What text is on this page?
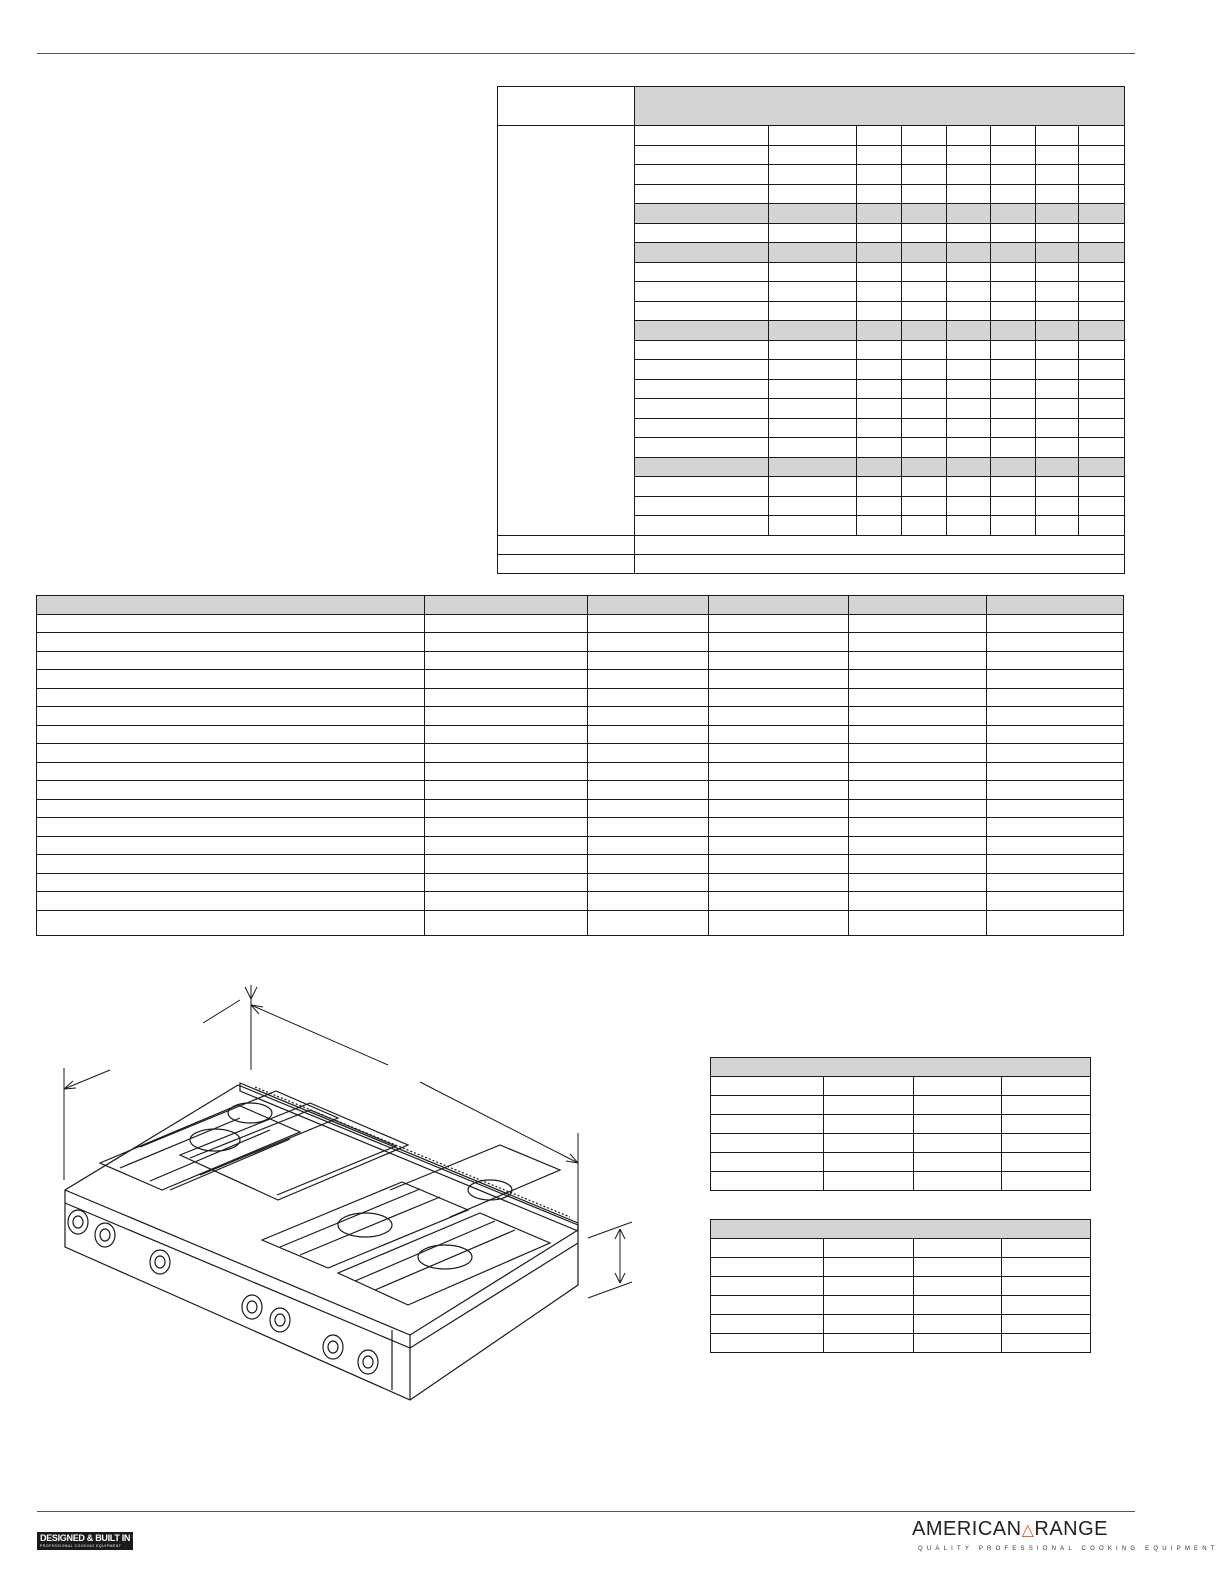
DESIGNED & BUILT IN USA
PROFESSIONAL COOKING EQUIPMENT
AMERICAN△RANGE
QUALITY PROFESSIONAL COOKING EQUIPMENT
